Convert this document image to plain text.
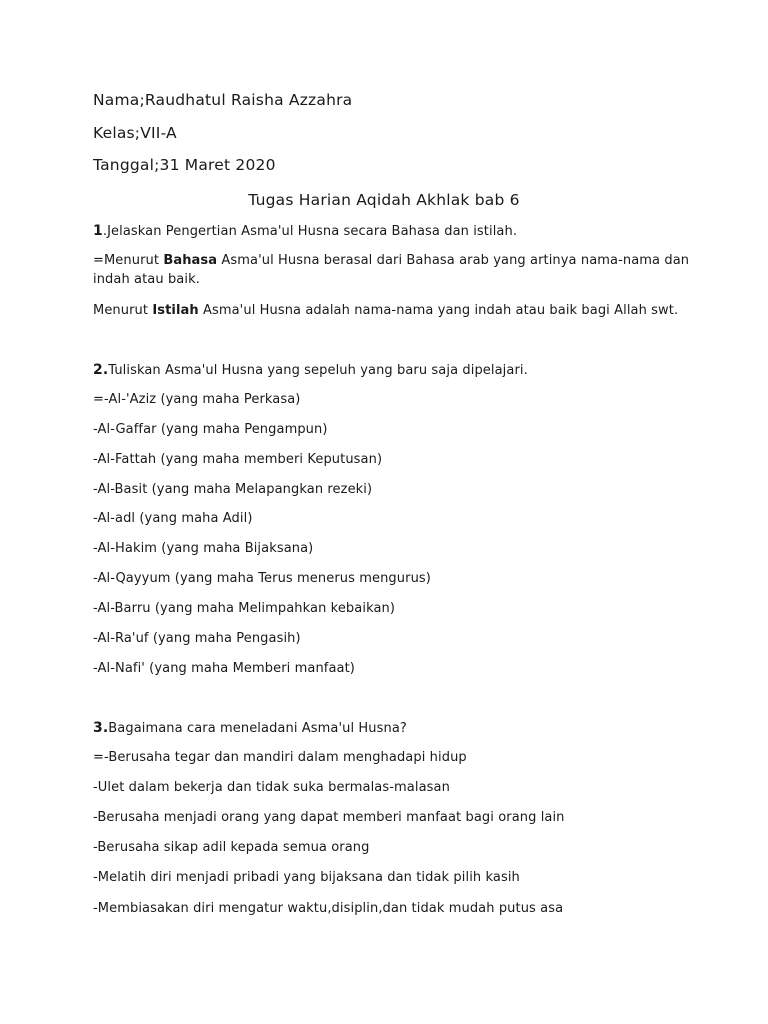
Nama;Raudhatul Raisha Azzahra
Kelas;VII-A
Tanggal;31 Maret 2020
Tugas Harian Aqidah Akhlak bab 6
1.Jelaskan Pengertian Asma'ul Husna secara Bahasa dan istilah.
=Menurut Bahasa Asma'ul Husna berasal dari Bahasa arab yang artinya nama-nama dan
indah atau baik.
Menurut Istilah Asma'ul Husna adalah nama-nama yang indah atau baik bagi Allah swt.
2.Tuliskan Asma'ul Husna yang sepeluh yang baru saja dipelajari.
=-Al-'Aziz (yang maha Perkasa)
-Al-Gaffar (yang maha Pengampun)
-Al-Fattah (yang maha memberi Keputusan)
-Al-Basit (yang maha Melapangkan rezeki)
-Al-adl (yang maha Adil)
-Al-Hakim (yang maha Bijaksana)
-Al-Qayyum (yang maha Terus menerus mengurus)
-Al-Barru (yang maha Melimpahkan kebaikan)
-Al-Ra'uf (yang maha Pengasih)
-Al-Nafi' (yang maha Memberi manfaat)
3.Bagaimana cara meneladani Asma'ul Husna?
=-Berusaha tegar dan mandiri dalam menghadapi hidup
-Ulet dalam bekerja dan tidak suka bermalas-malasan
-Berusaha menjadi orang yang dapat memberi manfaat bagi orang lain
-Berusaha sikap adil kepada semua orang
-Melatih diri menjadi pribadi yang bijaksana dan tidak pilih kasih
-Membiasakan diri mengatur waktu,disiplin,dan tidak mudah putus asa
